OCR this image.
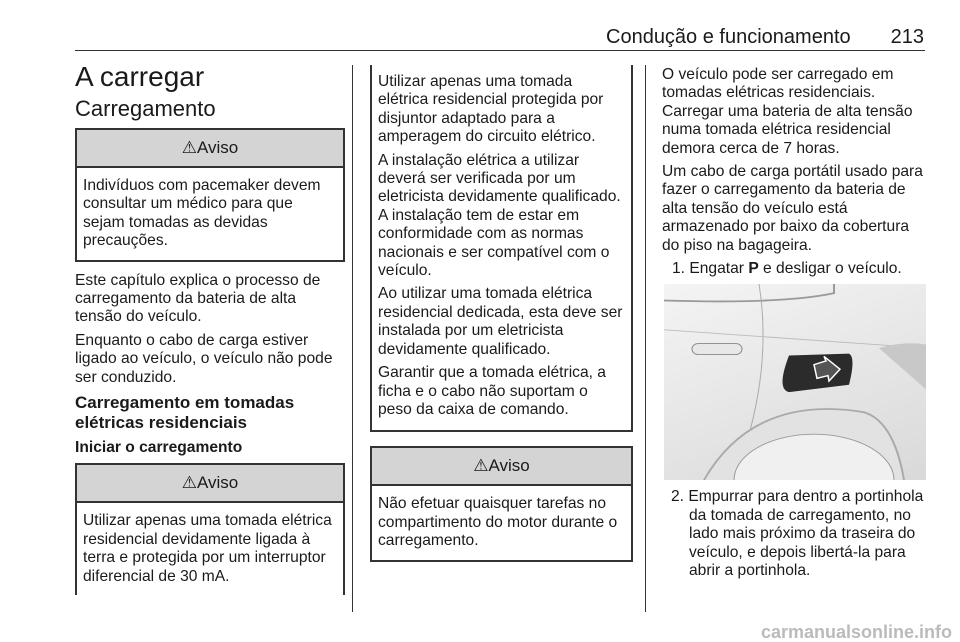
Condução e funcionamento 213
A carregar
Carregamento
⚠Aviso
Indivíduos com pacemaker devem consultar um médico para que sejam tomadas as devidas precauções.

Este capítulo explica o processo de carregamento da bateria de alta tensão do veículo.

Enquanto o cabo de carga estiver ligado ao veículo, o veículo não pode ser conduzido.

Carregamento em tomadas elétricas residenciais
Iniciar o carregamento
⚠Aviso
Utilizar apenas uma tomada elétrica residencial devidamente ligada à terra e protegida por um interruptor diferencial de 30 mA.

Utilizar apenas uma tomada elétrica residencial protegida por disjuntor adaptado para a amperagem do circuito elétrico.

A instalação elétrica a utilizar deverá ser verificada por um eletricista devidamente qualificado. A instalação tem de estar em conformidade com as normas nacionais e ser compatível com o veículo.

Ao utilizar uma tomada elétrica residencial dedicada, esta deve ser instalada por um eletricista devidamente qualificado.

Garantir que a tomada elétrica, a ficha e o cabo não suportam o peso da caixa de comando.

⚠Aviso
Não efetuar quaisquer tarefas no compartimento do motor durante o carregamento.

O veículo pode ser carregado em tomadas elétricas residenciais. Carregar uma bateria de alta tensão numa tomada elétrica residencial demora cerca de 7 horas.

Um cabo de carga portátil usado para fazer o carregamento da bateria de alta tensão do veículo está armazenado por baixo da cobertura do piso na bagageira.

1. Engatar P e desligar o veículo.

2. Empurrar para dentro a portinhola da tomada de carregamento, no lado mais próximo da traseira do veículo, e depois libertá-la para abrir a portinhola.

carmanualsonline.info
